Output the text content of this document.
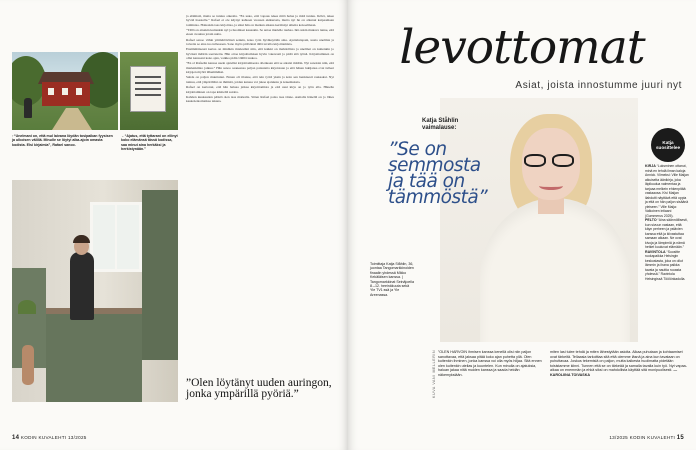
ja elämistä, mutta se tuntuu oikealta. ”En usko, että vapaus tekee mitä halua ja mitä tuntuu. Ikävä, tekee hyvää itsestelle.” Rafael ei ole käynyt kahteen vuoteen ekikurssia, mutta nyt hn on alkanut kaipaamaan toimintaa. Haluaisin taas kirjoittaa, ja siksi hän on matkan aikana kertännyt aiheita kokoelmaan.

”Tällä on ainakin kuitenkin nyt ja huomiset kauaskin. Se antaa mielelle rauhaa. Ikä onkin mukava tunne, että eteen avautuu jotain uutta.

Rafael sanoo vähin ymmärtävänsä senkin, koko työn hyväksytään aina. Ajattelutapani, uusia unelmia ja toiveita se aina tuo tullessaan. Sano myös pitävänsä tällä tavalla kirjoittamista.

Ensimmäisessä kertaa on minäkin mielestäni niin, että kaikki on mahdollista ja unelmat on kuitenkin jo hyvässä määrin saavutettu. Hän ottaa kirjoittamisen hyvin vakavasti ja pitää sitä työnä. Kirjoittaminen on ollut kanssani koko ajan, vaikka pidin välillä taukoa.

”En ol Rafaelin kanssa usein ajatellut kirjoittamisesta ollenkaan että se antaisi mitään. Nyt sanoisin niin, että mielenkiinto jatkuu.” Hän sanoo saaneensa paljon palautetta kirjoistaan ja että hänen lukijansa ovat tulleet kirjojen myötä lähemmäksi.

Sahde on paljon muuttunut. Ennen oli tilanne, että tein työtä yksin ja koin sen henkisesti raskaaksi. Nyt tuntuu, että ympärilläni on ihmisiä, joiden kanssa voi jakaa ajatuksia ja kokemuksia.

Rafael on kertonut, että hän haluaa jatkaa kirjoittamista ja että uusi kirja on jo työn alla. Hänelle kirjoittaminen on tapa käsitellä asioita.

Kahden kuukauden päästä olen taas matkalla. Sitten Rafael palaa taas tänne. Asmalla hänellä on jo lähes kaukolentomatkaa takana.

↑“Unelmani on, että mul laivana löydän tosipaikan fyysisen ja ulkoisen välillä. Minulle se löytyi aika-ajoin omasta kodista. Elsi kirjaimia”, Rafael sanoo.
←“Ajatus, että tyttarani on ellinyt koko elämänsä tässä kodissa, saa minut aina herkäksi ja herkistynään.”
”Olen löytänyt uuden auringon, jonka ympärillä pyöriä.”
14 KODIN KUVALEHTI 13/2025
levottomat
Asiat, joista innostumme juuri nyt
Katja Ståhlin vaimalause:
”Se on semmosta ja tää on tämmöstä”
Toimittaja Katja Ståhlin, 36, juontaa Tangomarkkinoiden finaalin yhdessä Mikko Kekäläisen kanssa. | Tangomarkkinat Seinäjoella 8.–12. heeinäkuuta sekä Yle TV1:ssä ja Yle Areenassa.
Katja suosittelee

KIRJA “Luksminen ottanut, minä en tehdä ilman kaloja Annick. Viimeksi: Ville Maijan aikuiselta äänikirja, joka läpikuulua valmentaa ja tarjoaa melkein ehkenpitää vastaavaa. Kivi Maijan ilahdutti näyttävä että oppia ja että on hän paljon sisäänä yleiseen.” Ville Maija: Valkoinen intiaani (Gummerus 2025).

PELTO “Aina säännöllisesti, kun sivuun vastaan, että käyn perheen ja ystävien kanssa että ja kiivastuttaa samaan aikaan. Ne ovat kivoja ja lämpimiä ja nämä hetket kuuluvat elämään.”

RAVINTOLA “Suositte ruokapaikka Helsingin keskustasta, joka on ollut lämmin ja ihana paikka tavata ja nauttia ruoasta yhdessä.” Ravintola Helsingissä Töölönkadulla.

KUVA VANI MELLERIN ”OLEN HARVOIN ihmisen kanssa kenellä olisi niin paljon sanottavaa, että jaksaa pitää koko ajan puhetta yllä. Olen kuitenkin ihminen, jonka kanssa voi olla myös hiljaa. Sitä ennen olen kuitenkin utelias ja kuuntelen. Kun minulla on ajatuksia, haluan jakaa niitä muiden kanssa ja saada heidän näkemyksiään.
miten lasi tulee tehdä ja miten lähestytään asioita. Alkaa puhutaan ja kohtaamiset ovat tärkeitä. Tellaasia tarkoittaa sitä että olemme läsnä ja aina kun tavataan on puhuttavaa. Joskus tekemisiä on paljon, mutta kaikesta huolimatta pidetään toisistamme kiinni. Tunnen että se on tärkeää ja samalla tavalla kuin työ. Nyt vapaa-aikaa on enemmän ja ehkä siksi on mahdollista käyttää sitä monipuolisesti. — KAROLIINA TOIVASKA
13/2025 KODIN KUVALEHTI 15
